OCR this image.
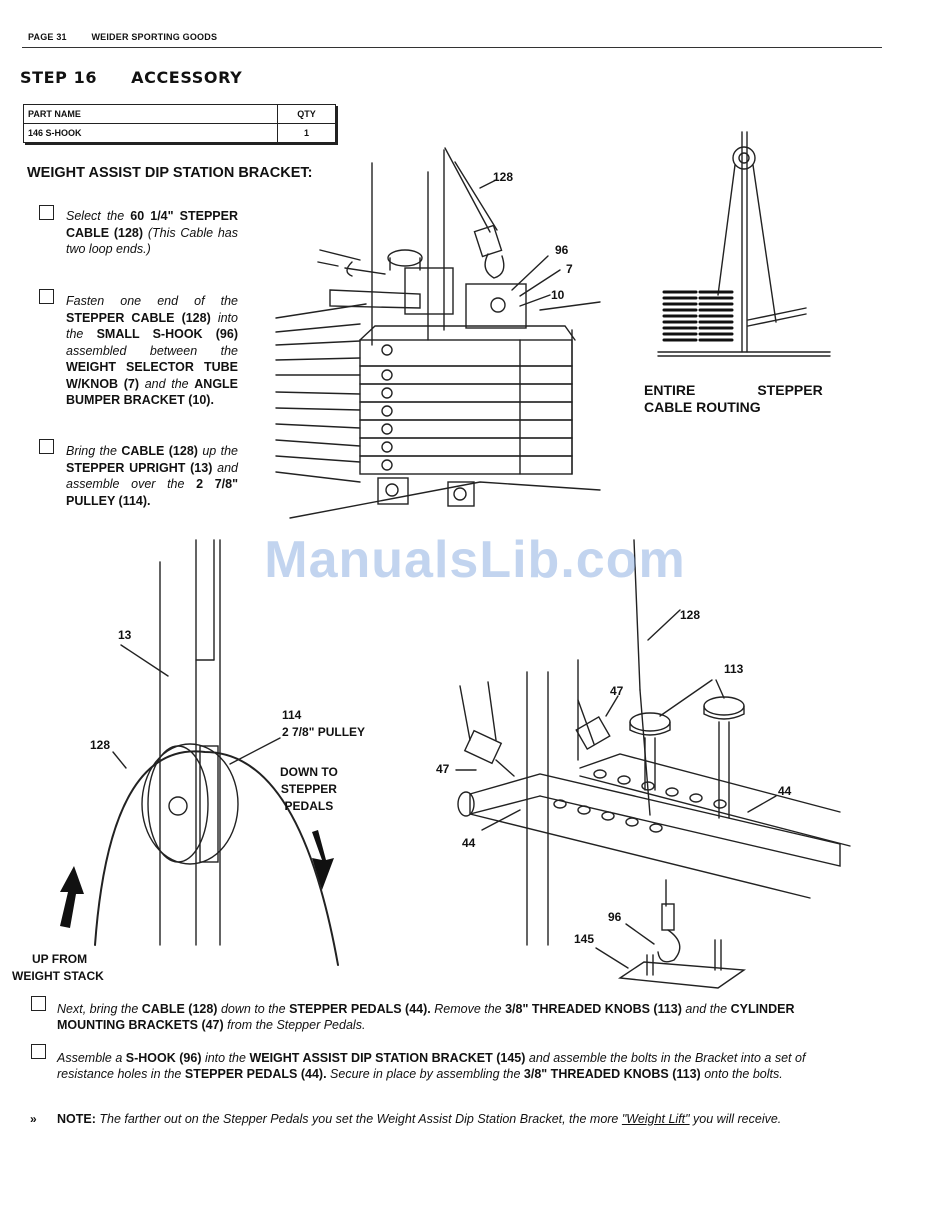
PAGE 31	WEIDER SPORTING GOODS
STEP 16 ACCESSORY
PART NAME	QTY
146 S-HOOK	1
WEIGHT ASSIST DIP STATION BRACKET:
Select the 60 1/4" STEPPER CABLE (128) (This Cable has two loop ends.)
Fasten one end of the STEPPER CABLE (128) into the SMALL S-HOOK (96) assembled between the WEIGHT SELECTOR TUBE W/KNOB (7) and the ANGLE BUMPER BRACKET (10).
Bring the CABLE (128) up the STEPPER UPRIGHT (13) and assemble over the 2 7/8" PULLEY (114).
128
96
7
10
ENTIRE	STEPPER
CABLE ROUTING
ManualsLib.com
13
128
114
2 7/8" PULLEY
DOWN TO
STEPPER
PEDALS
UP FROM
WEIGHT STACK
128
113
47
47
44
44
96
145
Next, bring the CABLE (128) down to the STEPPER PEDALS (44). Remove the 3/8" THREADED KNOBS (113) and the CYLINDER MOUNTING BRACKETS (47) from the Stepper Pedals.
Assemble a S-HOOK (96) into the WEIGHT ASSIST DIP STATION BRACKET (145) and assemble the bolts in the Bracket into a set of resistance holes in the STEPPER PEDALS (44). Secure in place by assembling the 3/8" THREADED KNOBS (113) onto the bolts.
» NOTE: The farther out on the Stepper Pedals you set the Weight Assist Dip Station Bracket, the more "Weight Lift" you will receive.
